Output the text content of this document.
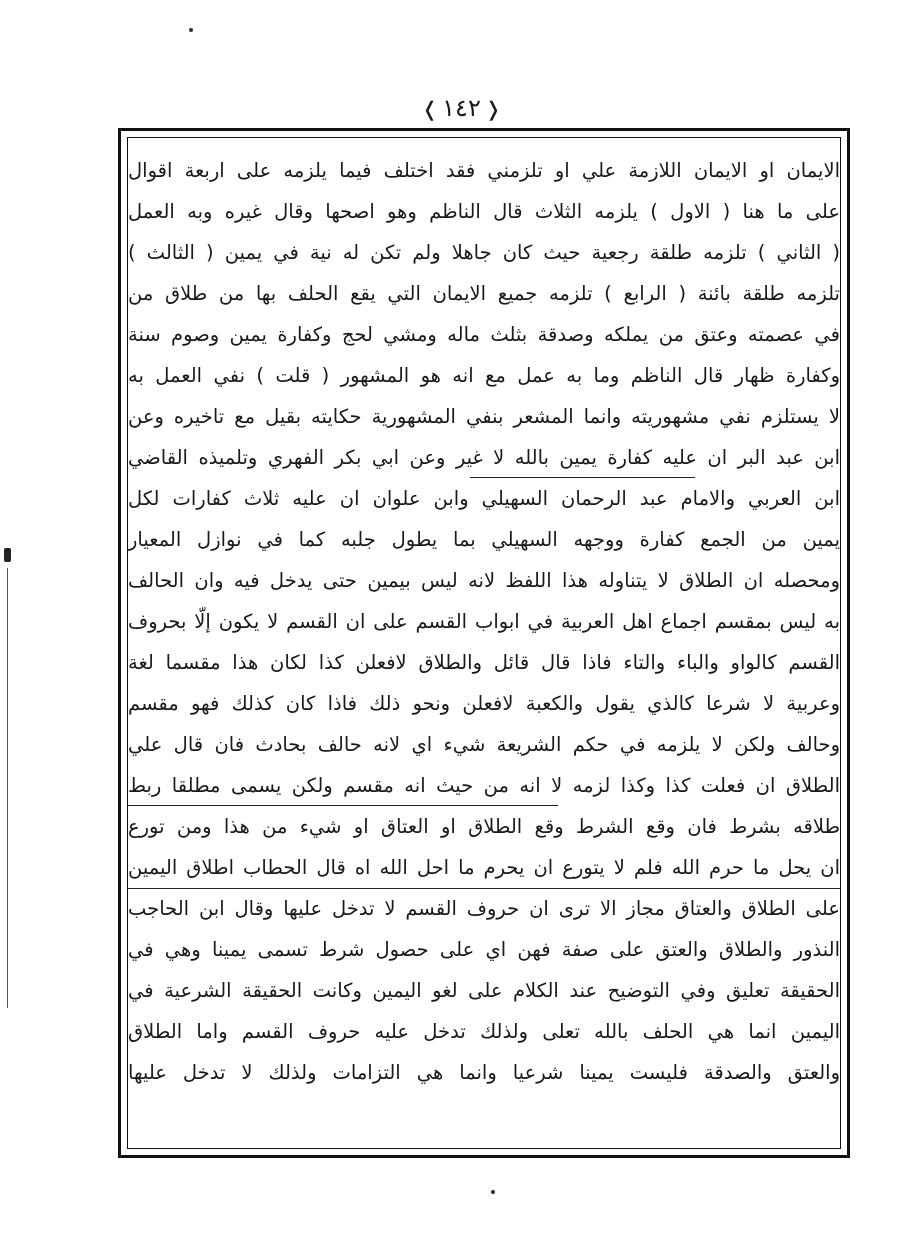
❬١٤٢❭
الايمان او الايمان اللازمة علي او تلزمني فقد اختلف فيما يلزمه على اربعة اقوال
على ما هنا ( الاول ) يلزمه الثلاث قال الناظم وهو اصحها وقال غيره وبه العمل
( الثاني ) تلزمه طلقة رجعية حيث كان جاهلا ولم تكن له نية في يمين ( الثالث )
تلزمه طلقة بائنة ( الرابع ) تلزمه جميع الايمان التي يقع الحلف بها من طلاق من
في عصمته وعتق من يملكه وصدقة بثلث ماله ومشي لحج وكفارة يمين وصوم سنة
وكفارة ظهار قال الناظم وما به عمل مع انه هو المشهور ( قلت ) نفي العمل به
لا يستلزم نفي مشهوريته وانما المشعر بنفي المشهورية حكايته بقيل مع تاخيره وعن
ابن عبد البر ان عليه كفارة يمين بالله لا غير وعن ابي بكر الفهري وتلميذه القاضي
ابن العربي والامام عبد الرحمان السهيلي وابن علوان ان عليه ثلاث كفارات لكل
يمين من الجمع كفارة ووجهه السهيلي بما يطول جلبه كما في نوازل المعيار
ومحصله ان الطلاق لا يتناوله هذا اللفظ لانه ليس بيمين حتى يدخل فيه وان الحالف
به ليس بمقسم اجماع اهل العربية في ابواب القسم على ان القسم لا يكون إلّا بحروف
القسم كالواو والباء والتاء فاذا قال قائل والطلاق لافعلن كذا لكان هذا مقسما لغة
وعربية لا شرعا كالذي يقول والكعبة لافعلن ونحو ذلك فاذا كان كذلك فهو مقسم
وحالف ولكن لا يلزمه في حكم الشريعة شيء اي لانه حالف بحادث فان قال علي
الطلاق ان فعلت كذا وكذا لزمه لا انه من حيث انه مقسم ولكن يسمى مطلقا ربط
طلاقه بشرط فان وقع الشرط وقع الطلاق او العتاق او شيء من هذا ومن تورع
ان يحل ما حرم الله فلم لا يتورع ان يحرم ما احل الله اه قال الحطاب اطلاق اليمين
على الطلاق والعتاق مجاز الا ترى ان حروف القسم لا تدخل عليها وقال ابن الحاجب
النذور والطلاق والعتق على صفة فهن اي على حصول شرط تسمى يمينا وهي في
الحقيقة تعليق وفي التوضيح عند الكلام على لغو اليمين وكانت الحقيقة الشرعية في
اليمين انما هي الحلف بالله تعلى ولذلك تدخل عليه حروف القسم واما الطلاق
والعتق والصدقة فليست يمينا شرعيا وانما هي التزامات ولذلك لا تدخل عليها
